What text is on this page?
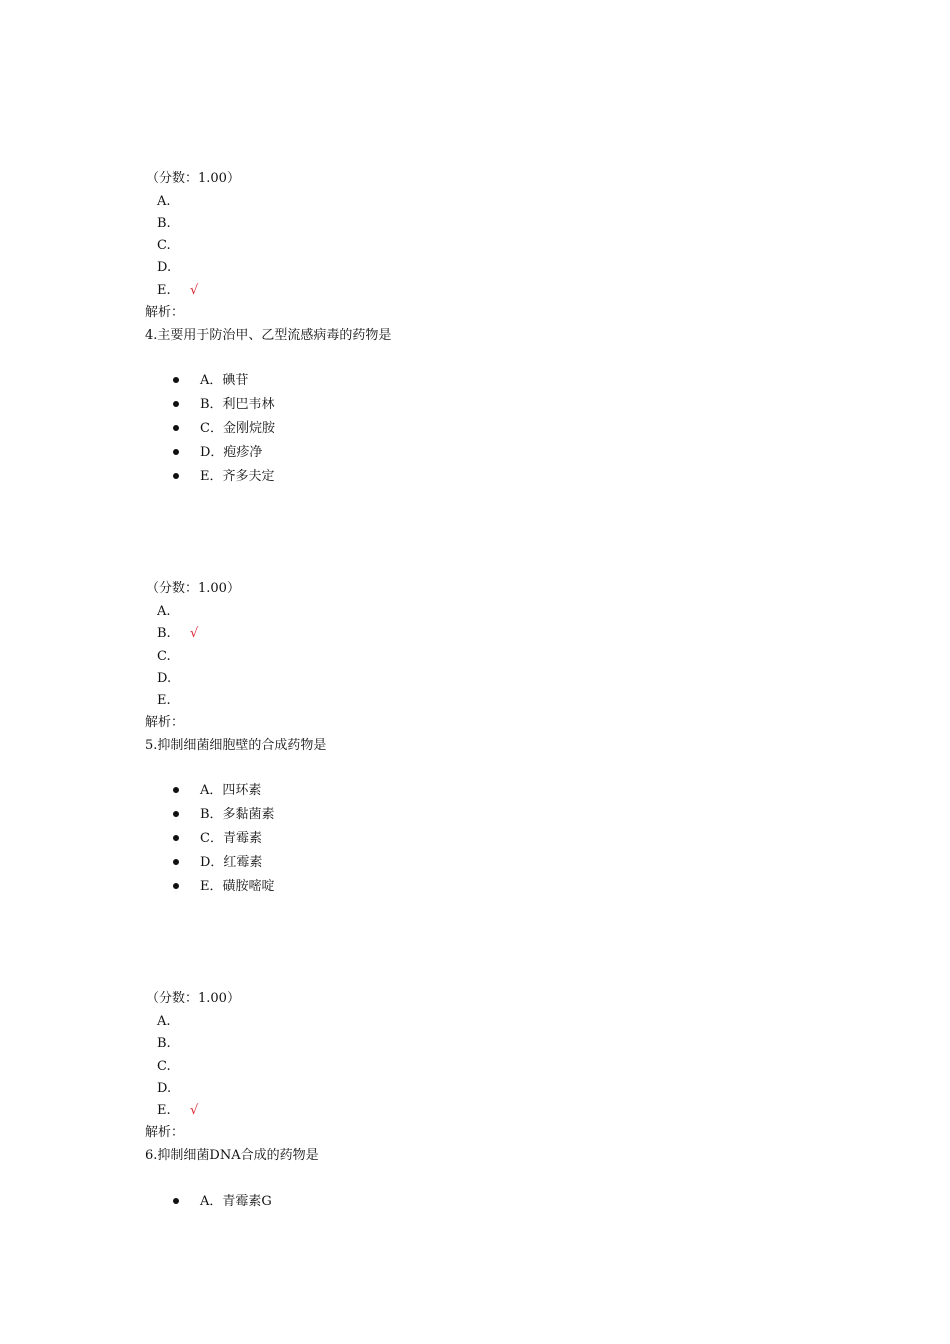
（分数：1.00）
A.
B.
C.
D.
E. √
解析：
4.主要用于防治甲、乙型流感病毒的药物是
A．碘苷
B．利巴韦林
C．金刚烷胺
D．疱疹净
E．齐多夫定
（分数：1.00）
A.
B. √
C.
D.
E.
解析：
5.抑制细菌细胞壁的合成药物是
A．四环素
B．多黏菌素
C．青霉素
D．红霉素
E．磺胺嘧啶
（分数：1.00）
A.
B.
C.
D.
E. √
解析：
6.抑制细菌DNA合成的药物是
A．青霉素G
